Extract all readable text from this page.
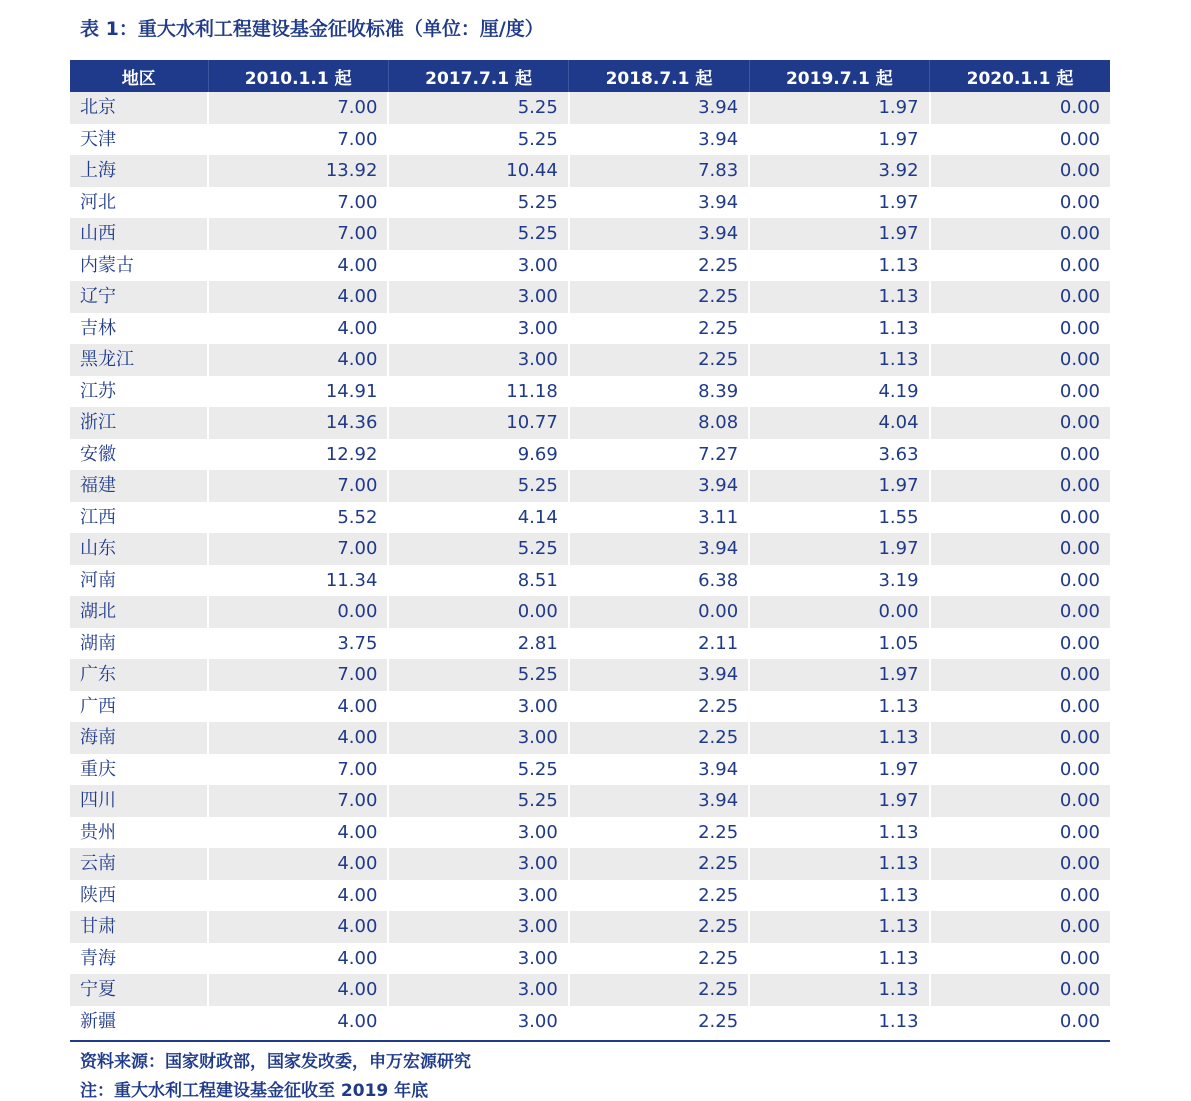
表 1：重大水利工程建设基金征收标准（单位：厘/度）
地区	2010.1.1 起	2017.7.1 起	2018.7.1 起	2019.7.1 起	2020.1.1 起
北京	7.00	5.25	3.94	1.97	0.00
天津	7.00	5.25	3.94	1.97	0.00
上海	13.92	10.44	7.83	3.92	0.00
河北	7.00	5.25	3.94	1.97	0.00
山西	7.00	5.25	3.94	1.97	0.00
内蒙古	4.00	3.00	2.25	1.13	0.00
辽宁	4.00	3.00	2.25	1.13	0.00
吉林	4.00	3.00	2.25	1.13	0.00
黑龙江	4.00	3.00	2.25	1.13	0.00
江苏	14.91	11.18	8.39	4.19	0.00
浙江	14.36	10.77	8.08	4.04	0.00
安徽	12.92	9.69	7.27	3.63	0.00
福建	7.00	5.25	3.94	1.97	0.00
江西	5.52	4.14	3.11	1.55	0.00
山东	7.00	5.25	3.94	1.97	0.00
河南	11.34	8.51	6.38	3.19	0.00
湖北	0.00	0.00	0.00	0.00	0.00
湖南	3.75	2.81	2.11	1.05	0.00
广东	7.00	5.25	3.94	1.97	0.00
广西	4.00	3.00	2.25	1.13	0.00
海南	4.00	3.00	2.25	1.13	0.00
重庆	7.00	5.25	3.94	1.97	0.00
四川	7.00	5.25	3.94	1.97	0.00
贵州	4.00	3.00	2.25	1.13	0.00
云南	4.00	3.00	2.25	1.13	0.00
陕西	4.00	3.00	2.25	1.13	0.00
甘肃	4.00	3.00	2.25	1.13	0.00
青海	4.00	3.00	2.25	1.13	0.00
宁夏	4.00	3.00	2.25	1.13	0.00
新疆	4.00	3.00	2.25	1.13	0.00
资料来源：国家财政部，国家发改委，申万宏源研究
注：重大水利工程建设基金征收至 2019 年底
